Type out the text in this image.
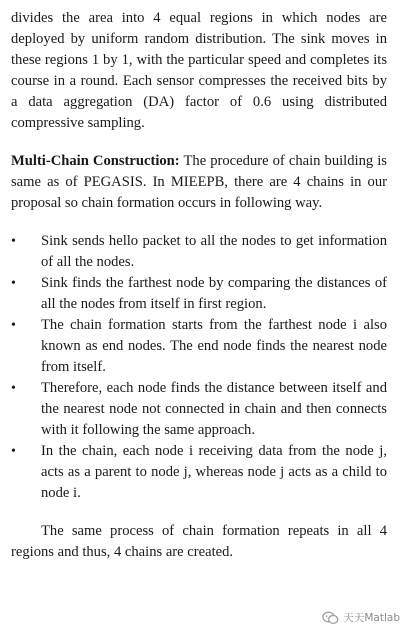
divides the area into 4 equal regions in which nodes are deployed by uniform random distribution. The sink moves in these regions 1 by 1, with the particular speed and completes its course in a round. Each sensor compresses the received bits by a data aggregation (DA) factor of 0.6 using distributed compressive sampling.

Multi-Chain Construction: The procedure of chain building is same as of PEGASIS. In MIEEPB, there are 4 chains in our proposal so chain formation occurs in following way.

• Sink sends hello packet to all the nodes to get information of all the nodes.
• Sink finds the farthest node by comparing the distances of all the nodes from itself in first region.
• The chain formation starts from the farthest node i also known as end nodes. The end node finds the nearest node from itself.
• Therefore, each node finds the distance between itself and the nearest node not connected in chain and then connects with it following the same approach.
• In the chain, each node i receiving data from the node j, acts as a parent to node j, whereas node j acts as a child to node i.

The same process of chain formation repeats in all 4 regions and thus, 4 chains are created.

天天Matlab
